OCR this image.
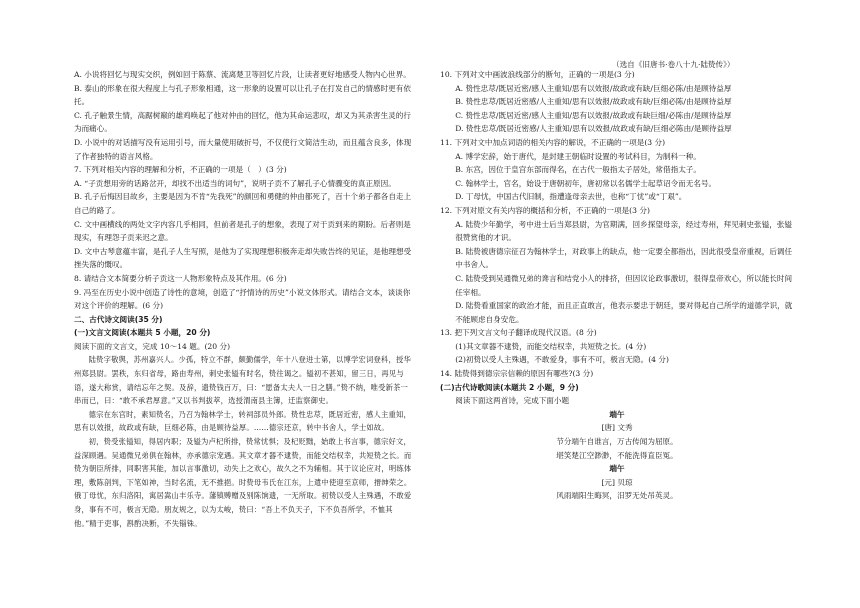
（选自《旧唐书·卷八十九·陆贽传》）

A. 小说将回忆与现实交织，例如回于陈蔡、流离楚卫等回忆片段，让读者更好地感受人物内心世界。

B. 泰山的形象在很大程度上与孔子形象相通，这一形象的设置可以让孔子在打发自己的情感时更有依托。

C. 孔子触景生情，高踞树巅的雄鸡唤起了他对仲由的回忆，他为其命运悲叹，却又为其杀害生灵的行为而痛心。

D. 小说中的对话描写没有运用引号，而大量使用破折号，不仅使行文简洁生动，而且蕴含良多，体现了作者独特的语言风格。

7. 下列对相关内容的理解和分析，不正确的一项是（　）(3 分)

A. “子贡想用旁的话路岔开，却找不出适当的词句”，说明子贡不了解孔子心情骤变的真正原因。

B. 孔子后悔因目故乡，主要是因为不肯“先我死”的颜回和勇健的仲由都死了，百十个弟子都各自走上自己的路了。

C. 文中画横线的两处文字内容几乎相同，但前者是孔子的想象，表现了对于贡到来的期盼。后者则是现实，有理怨子贡来迟之意。

D. 文中古琴意蕴丰富，是孔子人生写照，是他为了实现理想积极奔走却失败告终的见证，是他理想受挫失落的慨叹。

8. 请结合文本简要分析子贡这一人物形象特点及其作用。(6 分)

9. 冯至在历史小说中创造了诗性的意境，创造了“抒情诗的历史”小说文体形式。请结合文本，谈谈你对这个评价的理解。(6 分)

二、古代诗文阅读(35 分)

(一)文言文阅读(本题共 5 小题，20 分)

阅读下面的文言文，完成 10～14 题。(20 分)

陆贽字敬舆，苏州嘉兴人。少孤，特立不群，颇勤儒学，年十八登进士第，以博学宏词登科，授华州郑县尉。罢秩，东归省母，路由寿州，刺史张镒有时名，贽往谒之。镒初不甚知，留三日，再见与语，遂大称赏，请结忘年之契。及辞，遗贽钱百万，曰：“愿备太夫人一日之膳。”贽不纳，唯受新茶一串而已，曰：“敢不承君厚意。”又以书判拔萃，选授渭南县主簿，迁监察御史。

德宗在东宫时，素知贽名，乃召为翰林学士，转祠部员外郎。贽性忠荩，既居近密，感人主重知，思有以效报，故政或有缺，巨细必陈，由是顾待益厚。……德宗还京，转中书舍人，学士如故。

初，贽受张镒知，得居内职；及镒为卢杞所排，贽常忧惧；及杞贬黜，始敢上书言事，德宗好文，益深顾遇。吴通微兄弟俱在翰林，亦承德宗宠遇。其文章才器不逮贽，而能交结权幸，共短贽之长。而贽为朝臣所排，同职害其能，加以言事激切，动失上之欢心，故久之不为辅相。其于议论应对，明练体理，敷陈剖判，下笔如神，当时名流，无不推挹。时贽母韦氏在江东，上遣中使迎至京师，搢绅荣之。俄丁母忧，东归洛阳，寓居嵩山丰乐寺。藩镇赙赠及别陈饷遗，一无所取。初贽以受人主殊遇，不敢爱身，事有不可，极言无隐。朋友规之，以为太峻，贽曰：“吾上不负天子，下不负吾所学，不恤其他。”精于吏事，斟酌决断，不失锱铢。

10. 下列对文中画波浪线部分的断句，正确的一项是(3 分)

A. 贽性忠荩/既居近密/感人主重知/思有以效报/故政或有缺/巨细必陈/由是顾待益厚

B. 贽性忠荩/既居近密感/人主重知/思有以效报/故政或有缺/巨细必陈/由是顾待益厚

C. 贽性忠荩/既居近密/感人主重知/思有以效报/故政或有缺巨细/必陈由/是顾待益厚

D. 贽性忠荩/既居近密感/人主重知/思有以效报/故政或有缺/巨细必陈由/是顾待益厚

11. 下列对文中加点词语的相关内容的解说，不正确的一项是(3 分)

A. 博学宏辞，始于唐代，是封建王朝临时设置的考试科目，为制科一种。

B. 东宫，因位于皇宫东部而得名，在古代一般指太子居处，常借指太子。

C. 翰林学士，官名，始设于唐朝初年，唐初常以名儒学士起草诏令而无名号。

D. 丁母忧，中国古代旧制，指遭逢母亲去世，也称“丁忧”或“丁艰”。

12. 下列对原文有关内容的概括和分析，不正确的一项是(3 分)

A. 陆贽少年勤学，考中进士后当郑县尉，为官期满，回乡探望母亲，经过寿州，拜见刺史张镒，张镒很赞赏他的才识。

B. 陆贽被唐德宗征召为翰林学士，对政事上的缺点，他一定要全都指出，因此很受皇帝重视，后调任中书舍人。

C. 陆贽受到吴通微兄弟的谗言和结党小人的排挤，但因议论政事激切，很得皇帝欢心，所以能长时间任宰相。

D. 陆贽看重国家的政治才能，而且正直敢言，他表示要忠于朝廷，要对得起自己所学的道德学识，就不能顾虑自身安危。

13. 把下列文言文句子翻译成现代汉语。(8 分)

(1)其文章器不逮贽，而能交结权幸，共短贽之长。(4 分)

(2)初贽以受人主殊遇，不敢爱身，事有不可，极言无隐。(4 分)

14. 陆贽得到德宗宗信赖的原因有哪些?(3 分)

(二)古代诗歌阅读(本题共 2 小题，9 分)

阅读下面这两首诗，完成下面小题

端午

[唐] 文秀

节分端午自谁言，万古传闻为屈原。

堪笑楚江空渺渺，不能洗得直臣冤。

端午

[元] 贝琼

风雨端阳生晦冥，汨罗无处吊英灵。
